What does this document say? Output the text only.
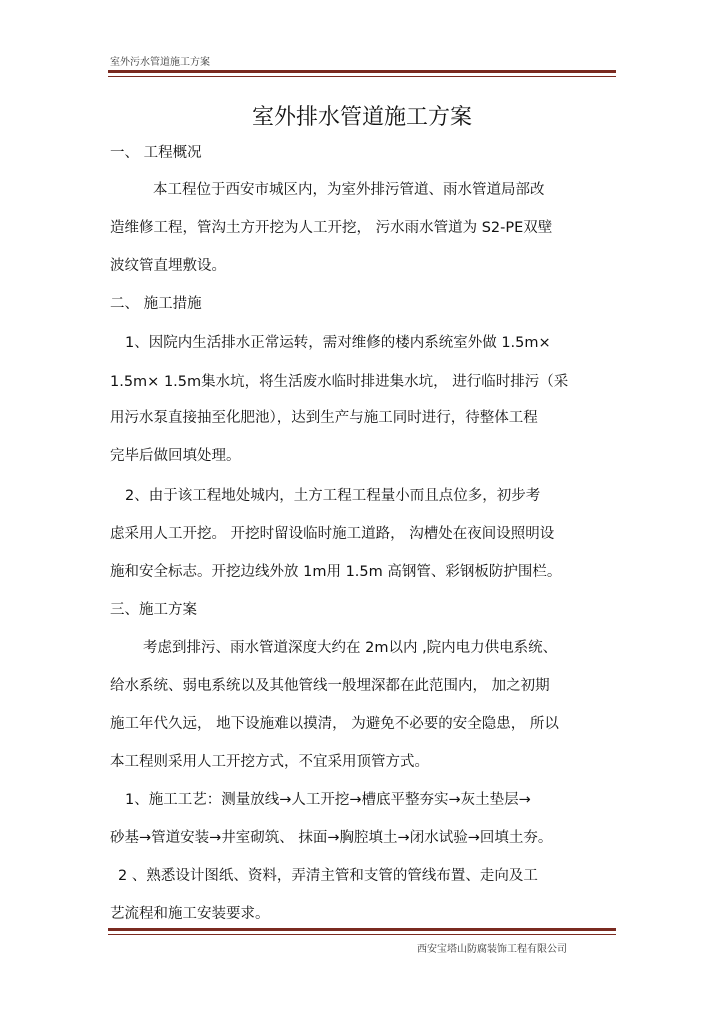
室外污水管道施工方案
室外排水管道施工方案
一、 工程概况
本工程位于西安市城区内，为室外排污管道、雨水管道局部改
造维修工程，管沟土方开挖为人工开挖， 污水雨水管道为 S2-PE双壁
波纹管直埋敷设。
二、 施工措施
1、因院内生活排水正常运转，需对维修的楼内系统室外做 1.5m×
1.5m× 1.5m集水坑，将生活废水临时排进集水坑， 进行临时排污（采
用污水泵直接抽至化肥池），达到生产与施工同时进行，待整体工程
完毕后做回填处理。
2、由于该工程地处城内，土方工程工程量小而且点位多，初步考
虑采用人工开挖。 开挖时留设临时施工道路， 沟槽处在夜间设照明设
施和安全标志。开挖边线外放 1m用 1.5m 高钢管、彩钢板防护围栏。
三、施工方案
考虑到排污、雨水管道深度大约在 2m以内 ,院内电力供电系统、
给水系统、弱电系统以及其他管线一般埋深都在此范围内， 加之初期
施工年代久远， 地下设施难以摸清， 为避免不必要的安全隐患， 所以
本工程则采用人工开挖方式，不宜采用顶管方式。
1、施工工艺：测量放线→人工开挖→槽底平整夯实→灰土垫层→
砂基→管道安装→井室砌筑、 抹面→胸腔填土→闭水试验→回填土夯。
2 、熟悉设计图纸、资料，弄清主管和支管的管线布置、走向及工
艺流程和施工安装要求。
西安宝塔山防腐装饰工程有限公司
